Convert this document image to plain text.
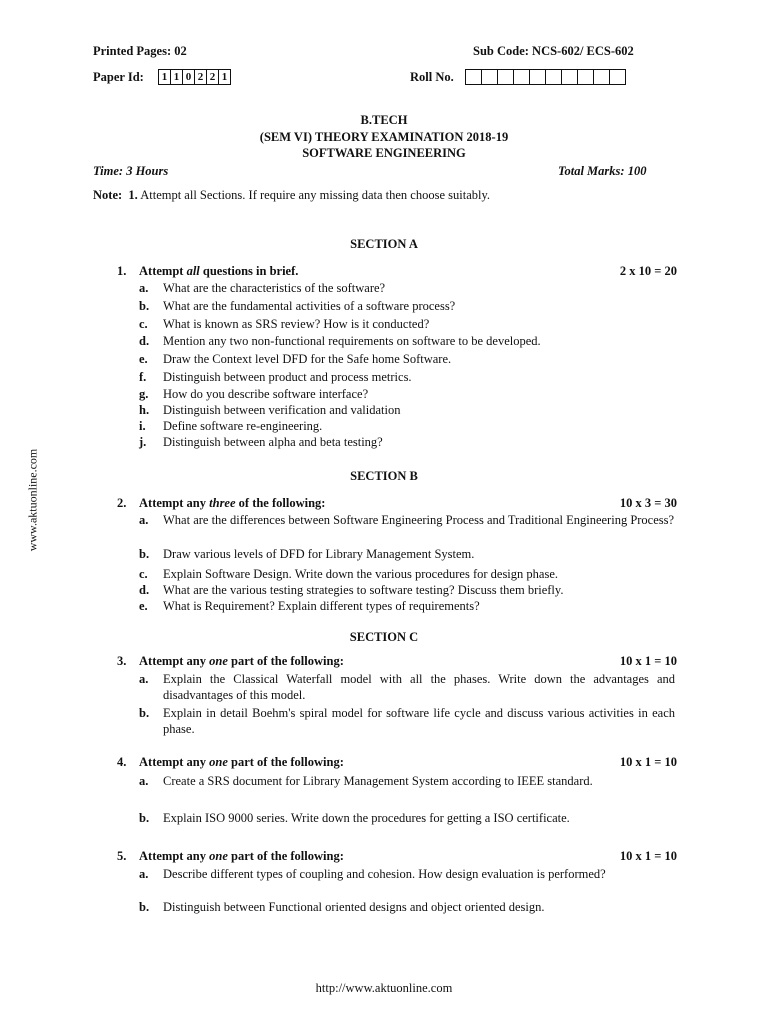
Printed Pages: 02	Sub Code: NCS-602/ ECS-602
Paper Id:	1 1 0 2 2 1	Roll No.
B.TECH
(SEM VI) THEORY EXAMINATION 2018-19
SOFTWARE ENGINEERING
Time: 3 Hours	Total Marks: 100
Note: 1. Attempt all Sections. If require any missing data then choose suitably.
SECTION A
1. Attempt all questions in brief.	2 x 10 = 20
a. What are the characteristics of the software?
b. What are the fundamental activities of a software process?
c. What is known as SRS review? How is it conducted?
d. Mention any two non-functional requirements on software to be developed.
e. Draw the Context level DFD for the Safe home Software.
f. Distinguish between product and process metrics.
g. How do you describe software interface?
h. Distinguish between verification and validation
i. Define software re-engineering.
j. Distinguish between alpha and beta testing?
SECTION B
2. Attempt any three of the following:	10 x 3 = 30
a. What are the differences between Software Engineering Process and Traditional Engineering Process?
b. Draw various levels of DFD for Library Management System.
c. Explain Software Design. Write down the various procedures for design phase.
d. What are the various testing strategies to software testing? Discuss them briefly.
e. What is Requirement? Explain different types of requirements?
SECTION C
3. Attempt any one part of the following:	10 x 1 = 10
a. Explain the Classical Waterfall model with all the phases. Write down the advantages and disadvantages of this model.
b. Explain in detail Boehm's spiral model for software life cycle and discuss various activities in each phase.
4. Attempt any one part of the following:	10 x 1 = 10
a. Create a SRS document for Library Management System according to IEEE standard.
b. Explain ISO 9000 series. Write down the procedures for getting a ISO certificate.
5. Attempt any one part of the following:	10 x 1 = 10
a. Describe different types of coupling and cohesion. How design evaluation is performed?
b. Distinguish between Functional oriented designs and object oriented design.
http://www.aktuonline.com
www.aktuonline.com
